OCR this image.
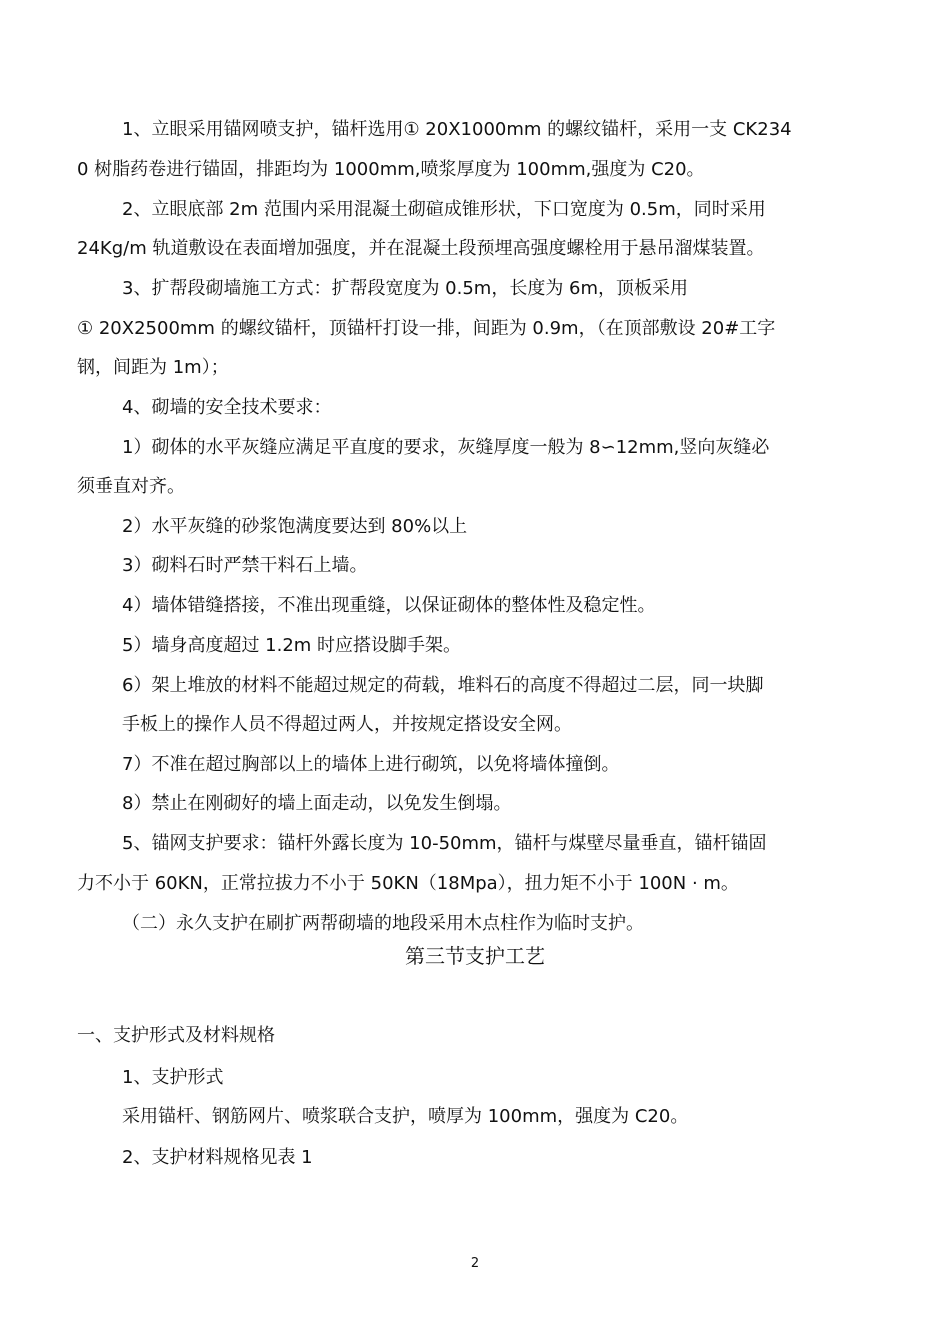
1、立眼采用锚网喷支护，锚杆选用① 20X1000mm 的螺纹锚杆，采用一支 CK234
0 树脂药卷进行锚固，排距均为 1000mm,喷浆厚度为 100mm,强度为 C20。
2、立眼底部 2m 范围内采用混凝土砌碹成锥形状，下口宽度为 0.5m，同时采用
24Kg/m 轨道敷设在表面增加强度，并在混凝土段预埋高强度螺栓用于悬吊溜煤装置。
3、扩帮段砌墙施工方式：扩帮段宽度为 0.5m，长度为 6m，顶板采用
① 20X2500mm 的螺纹锚杆，顶锚杆打设一排，间距为 0.9m，（在顶部敷设 20#工字
钢，间距为 1m）；
4、砌墙的安全技术要求：
1）砌体的水平灰缝应满足平直度的要求，灰缝厚度一般为 8∽12mm,竖向灰缝必
须垂直对齐。
2）水平灰缝的砂浆饱满度要达到 80%以上
3）砌料石时严禁干料石上墙。
4）墙体错缝搭接，不准出现重缝，以保证砌体的整体性及稳定性。
5）墙身高度超过 1.2m 时应搭设脚手架。
6）架上堆放的材料不能超过规定的荷载，堆料石的高度不得超过二层，同一块脚
手板上的操作人员不得超过两人，并按规定搭设安全网。
7）不准在超过胸部以上的墙体上进行砌筑，以免将墙体撞倒。
8）禁止在刚砌好的墙上面走动，以免发生倒塌。
5、锚网支护要求：锚杆外露长度为 10-50mm，锚杆与煤壁尽量垂直，锚杆锚固
力不小于 60KN，正常拉拔力不小于 50KN（18Mpa），扭力矩不小于 100N · m。
（二）永久支护在刷扩两帮砌墙的地段采用木点柱作为临时支护。
第三节支护工艺
一、支护形式及材料规格
1、支护形式
采用锚杆、钢筋网片、喷浆联合支护，喷厚为 100mm，强度为 C20。
2、支护材料规格见表 1
2
